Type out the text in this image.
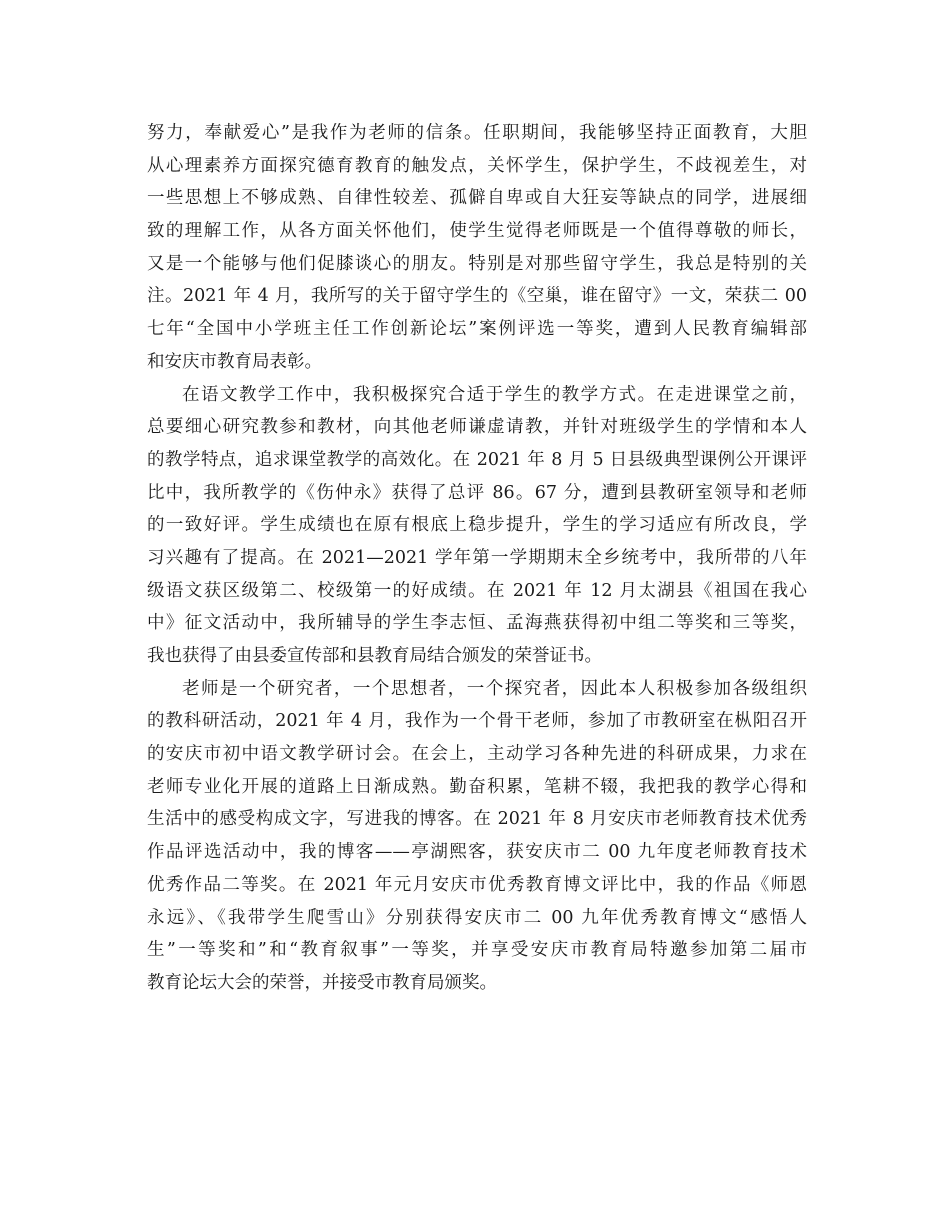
努力，奉献爱心”是我作为老师的信条。任职期间，我能够坚持正面教育，大胆
从心理素养方面探究德育教育的触发点，关怀学生，保护学生，不歧视差生，对
一些思想上不够成熟、自律性较差、孤僻自卑或自大狂妄等缺点的同学，进展细
致的理解工作，从各方面关怀他们，使学生觉得老师既是一个值得尊敬的师长，
又是一个能够与他们促膝谈心的朋友。特别是对那些留守学生，我总是特别的关
注。2021 年 4 月，我所写的关于留守学生的《空巢，谁在留守》一文，荣获二 00
七年“全国中小学班主任工作创新论坛”案例评选一等奖，遭到人民教育编辑部
和安庆市教育局表彰。
在语文教学工作中，我积极探究合适于学生的教学方式。在走进课堂之前，
总要细心研究教参和教材，向其他老师谦虚请教，并针对班级学生的学情和本人
的教学特点，追求课堂教学的高效化。在 2021 年 8 月 5 日县级典型课例公开课评
比中，我所教学的《伤仲永》获得了总评 86。67 分，遭到县教研室领导和老师
的一致好评。学生成绩也在原有根底上稳步提升，学生的学习适应有所改良，学
习兴趣有了提高。在 2021—2021 学年第一学期期末全乡统考中，我所带的八年
级语文获区级第二、校级第一的好成绩。在 2021 年 12 月太湖县《祖国在我心
中》征文活动中，我所辅导的学生李志恒、孟海燕获得初中组二等奖和三等奖，
我也获得了由县委宣传部和县教育局结合颁发的荣誉证书。
老师是一个研究者，一个思想者，一个探究者，因此本人积极参加各级组织
的教科研活动，2021 年 4 月，我作为一个骨干老师，参加了市教研室在枞阳召开
的安庆市初中语文教学研讨会。在会上，主动学习各种先进的科研成果，力求在
老师专业化开展的道路上日渐成熟。勤奋积累，笔耕不辍，我把我的教学心得和
生活中的感受构成文字，写进我的博客。在 2021 年 8 月安庆市老师教育技术优秀
作品评选活动中，我的博客——亭湖熙客，获安庆市二 00 九年度老师教育技术
优秀作品二等奖。在 2021 年元月安庆市优秀教育博文评比中，我的作品《师恩
永远》、《我带学生爬雪山》分别获得安庆市二 00 九年优秀教育博文“感悟人
生”一等奖和”和“教育叙事”一等奖，并享受安庆市教育局特邀参加第二届市
教育论坛大会的荣誉，并接受市教育局颁奖。
